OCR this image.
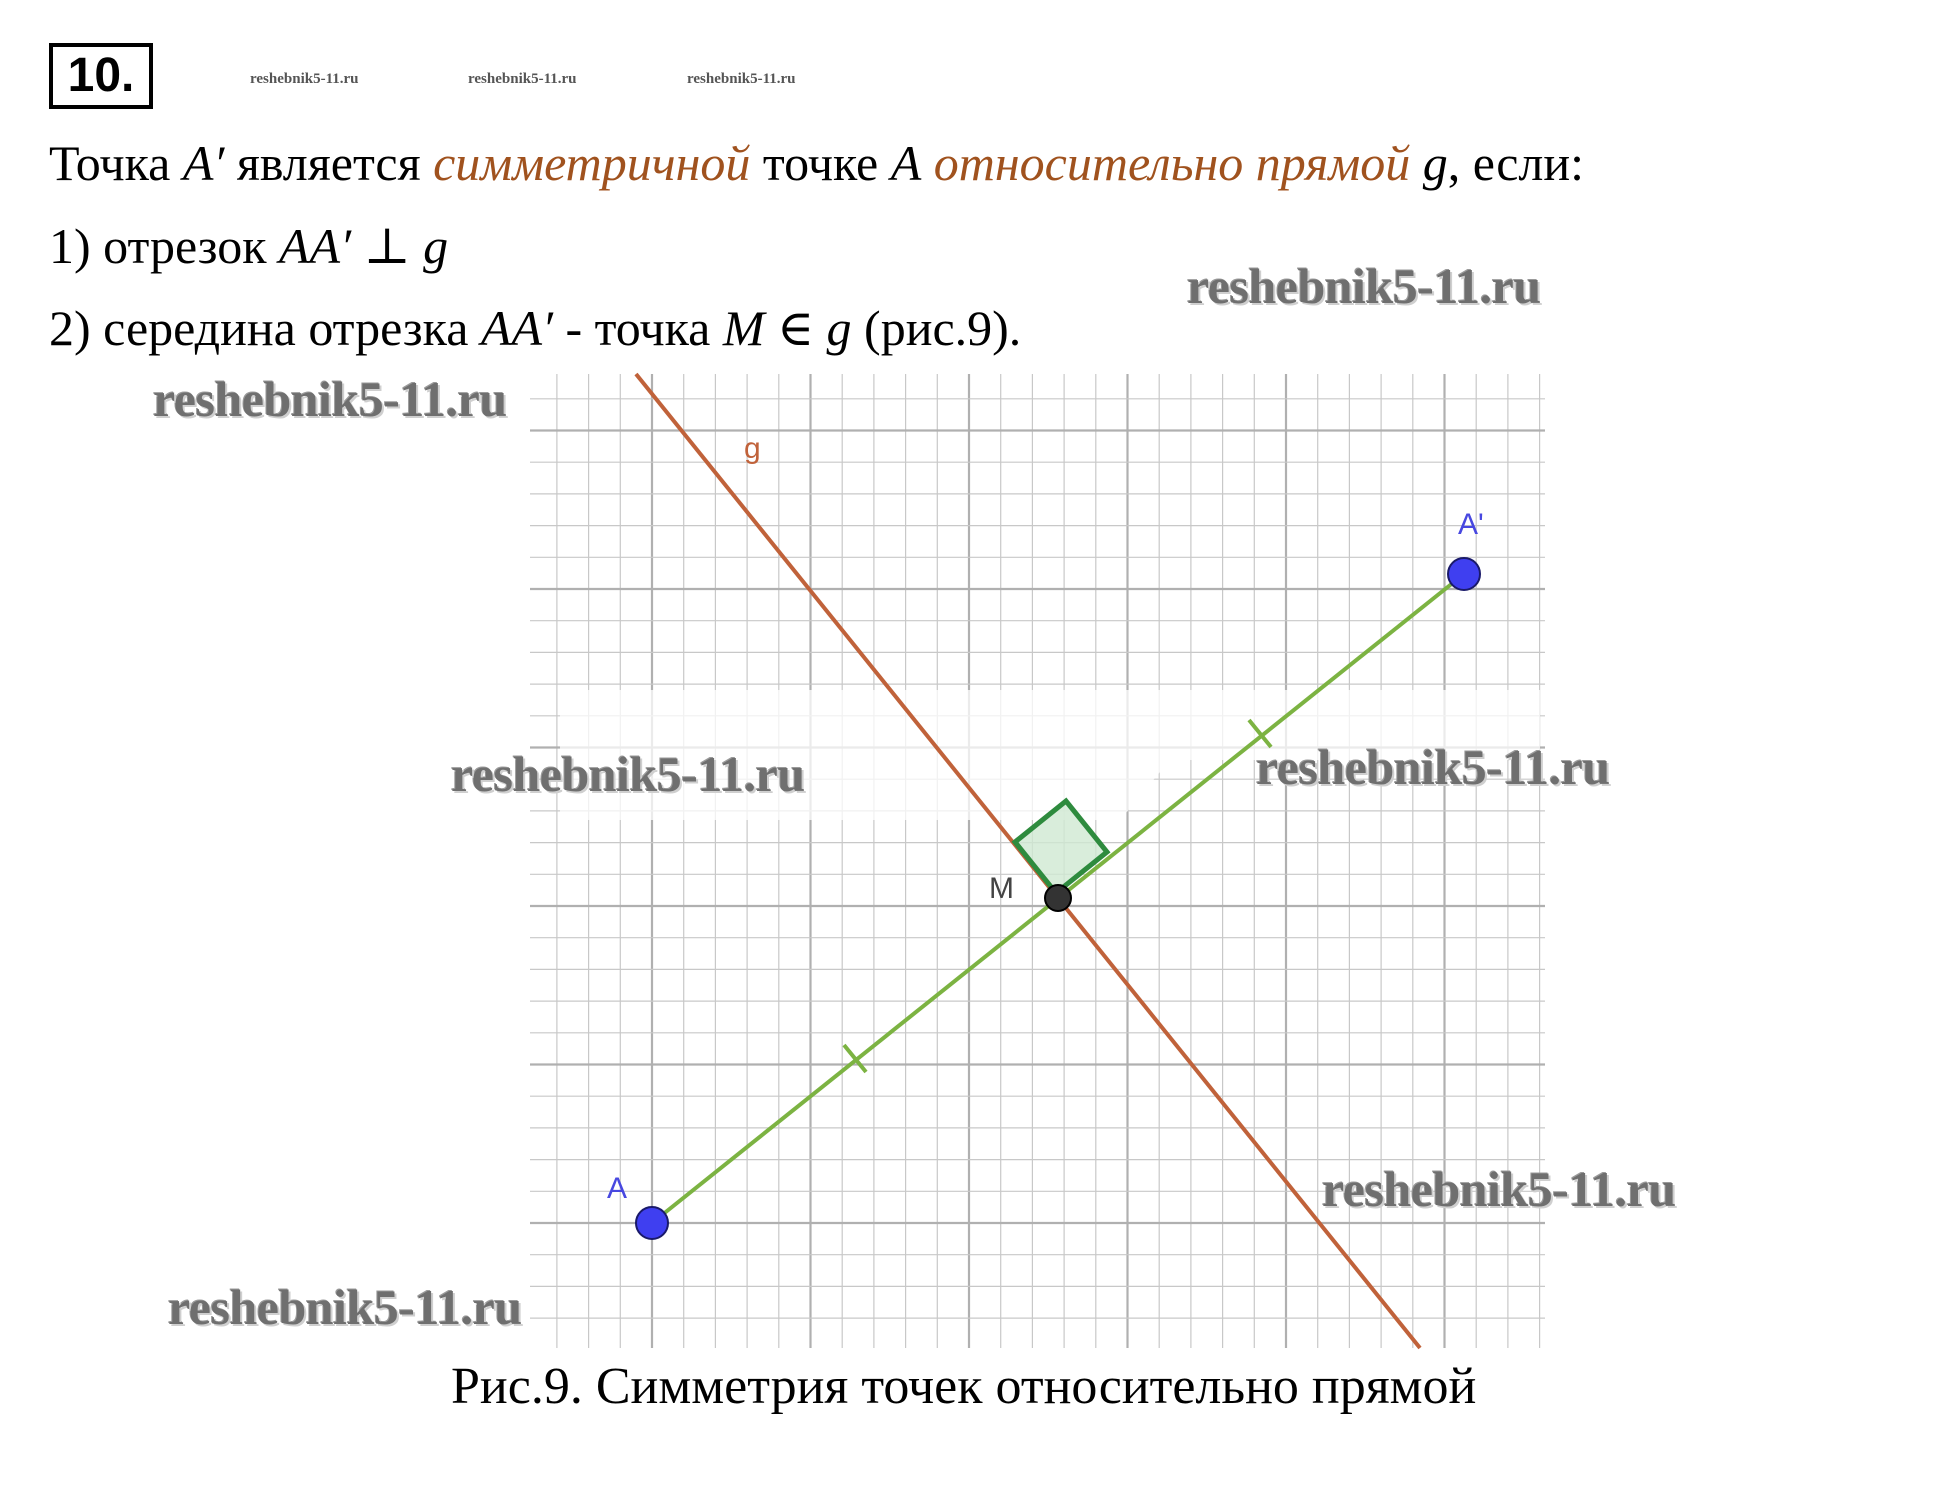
10.	reshebnik5-11.ru	reshebnik5-11.ru	reshebnik5-11.ru
Точка A′ является симметричной точке A относительно прямой g, если:
1) отрезок AA′ ⊥ g
2) середина отрезка AA′ - точка M ∈ g (рис.9).
g
A'
A
M
reshebnik5-11.ru
reshebnik5-11.ru
reshebnik5-11.ru	reshebnik5-11.ru
reshebnik5-11.ru
reshebnik5-11.ru
Рис.9. Симметрия точек относительно прямой
